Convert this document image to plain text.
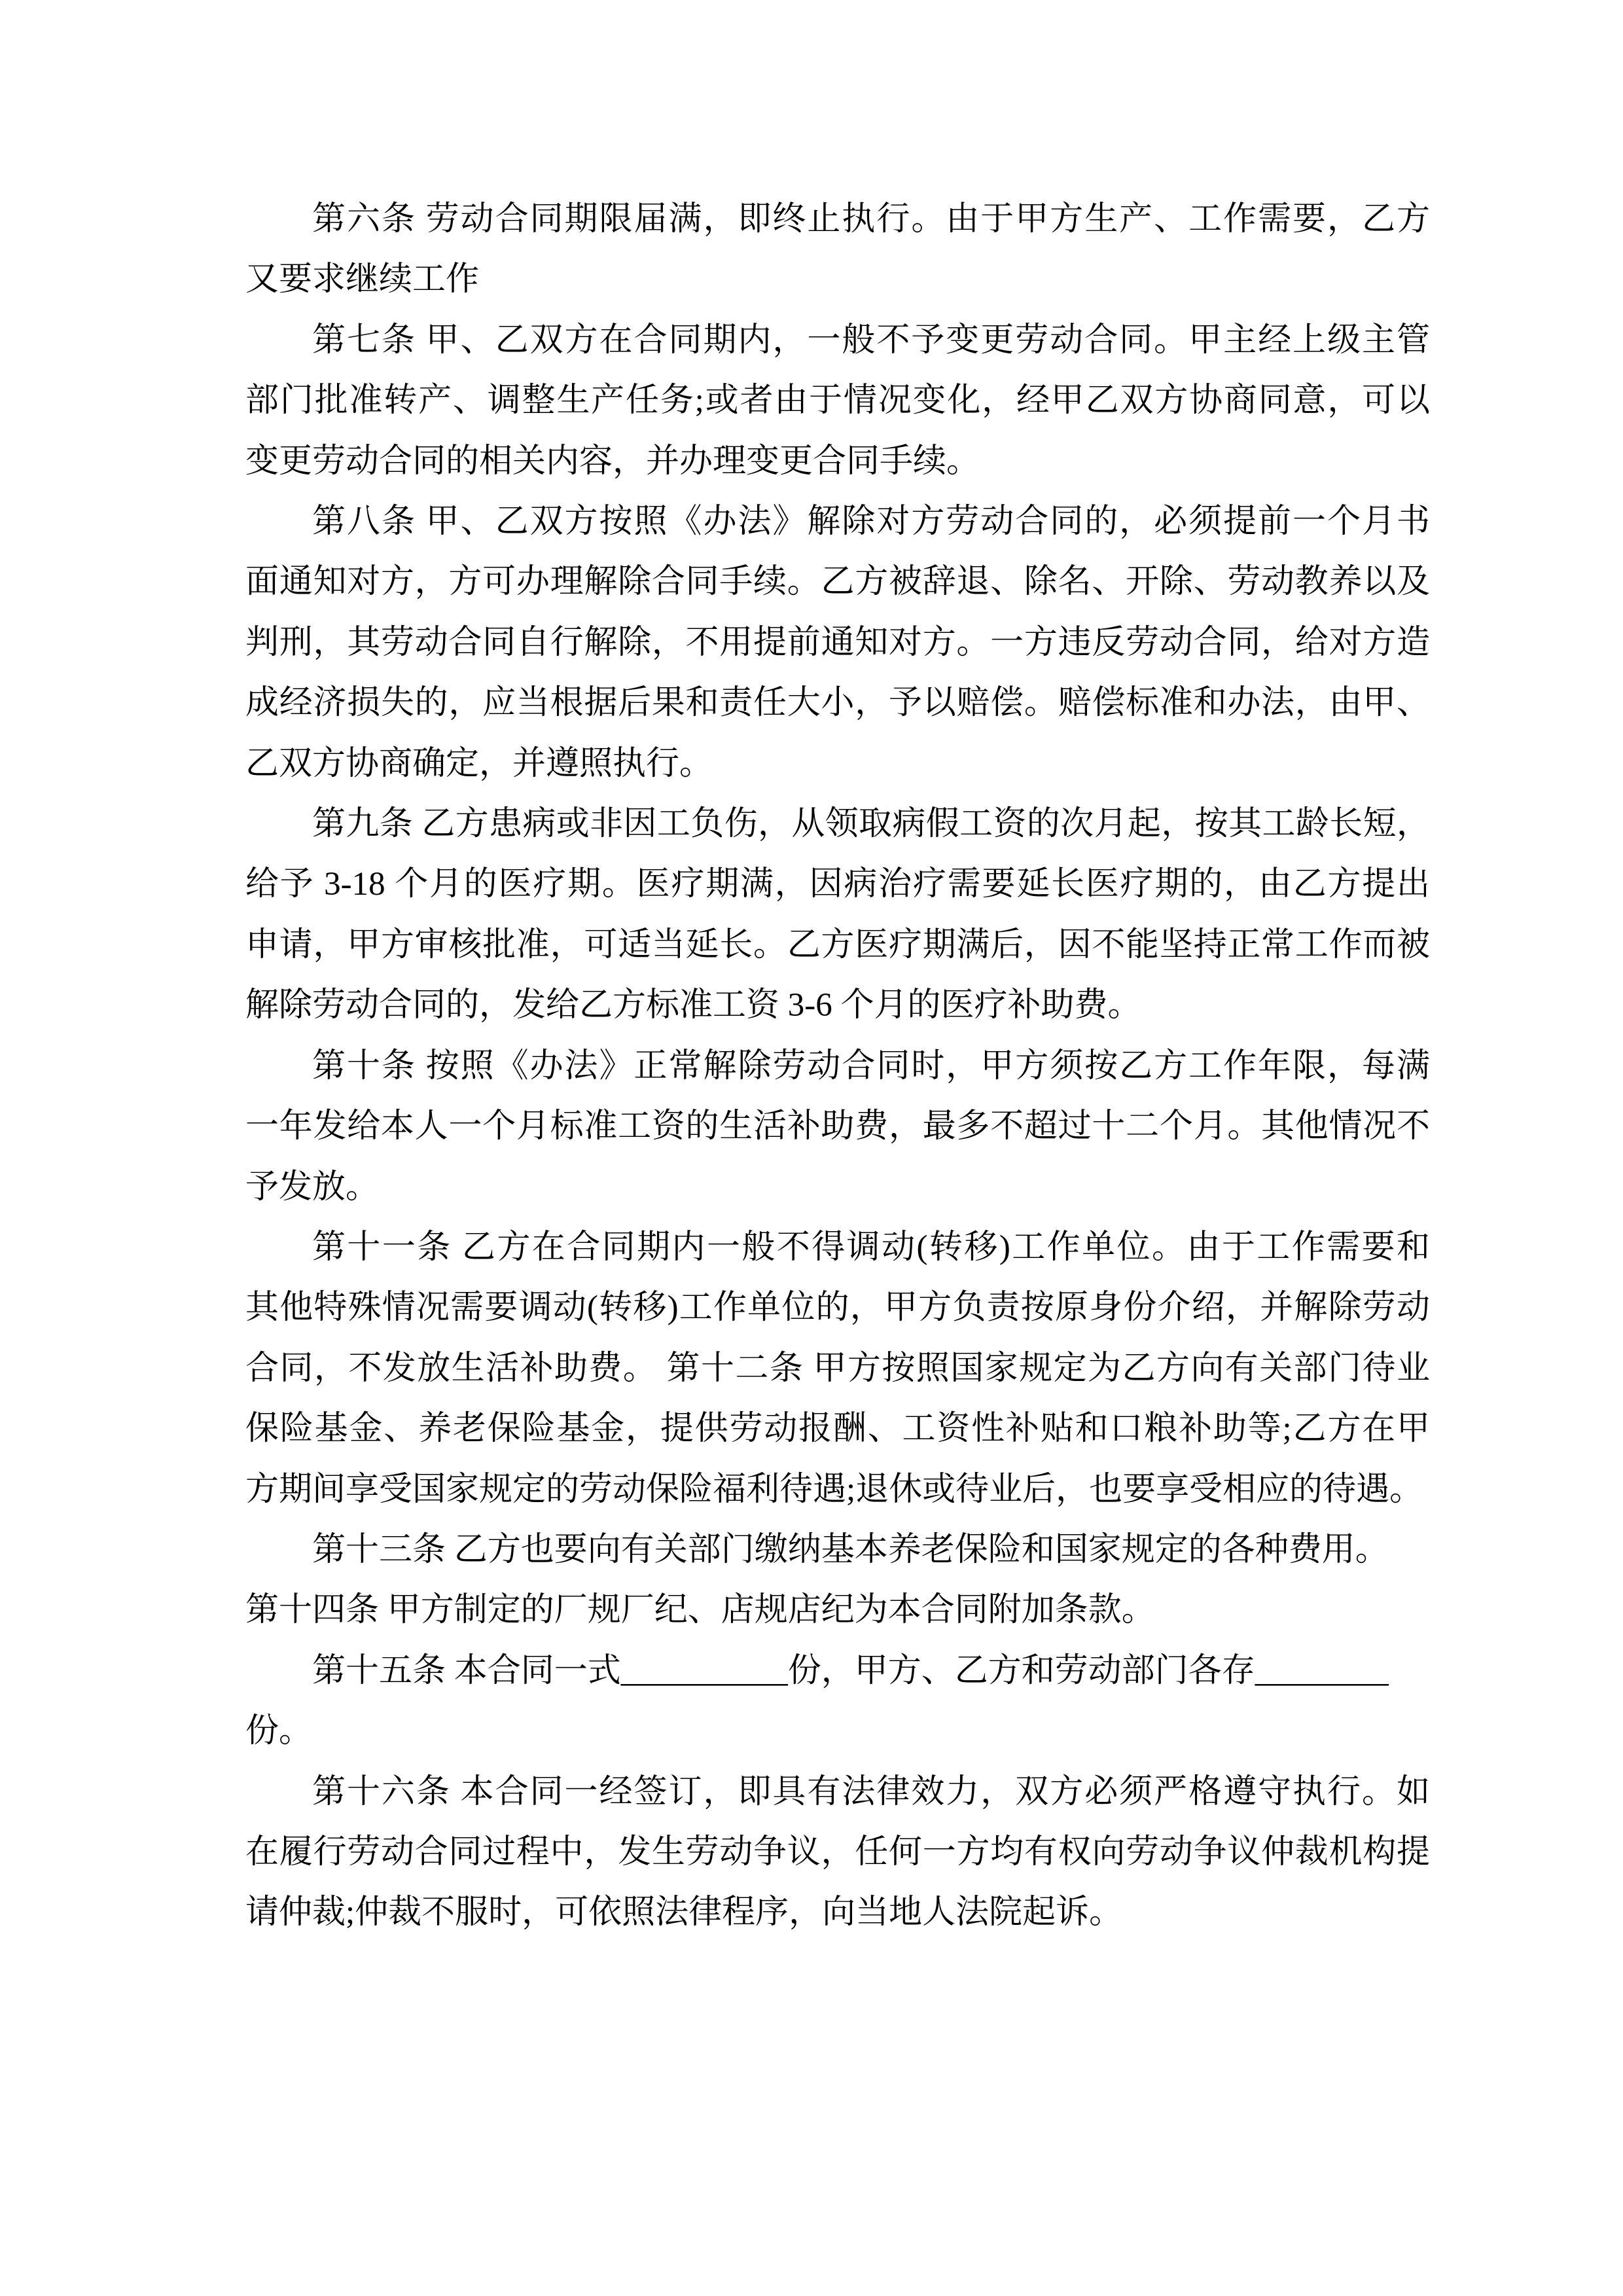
第六条 劳动合同期限届满，即终止执行。由于甲方生产、工作需要，乙方
又要求继续工作
第七条 甲、乙双方在合同期内，一般不予变更劳动合同。甲主经上级主管
部门批准转产、调整生产任务;或者由于情况变化，经甲乙双方协商同意，可以
变更劳动合同的相关内容，并办理变更合同手续。
第八条 甲、乙双方按照《办法》解除对方劳动合同的，必须提前一个月书
面通知对方，方可办理解除合同手续。乙方被辞退、除名、开除、劳动教养以及
判刑，其劳动合同自行解除，不用提前通知对方。一方违反劳动合同，给对方造
成经济损失的，应当根据后果和责任大小，予以赔偿。赔偿标准和办法，由甲、
乙双方协商确定，并遵照执行。
第九条 乙方患病或非因工负伤，从领取病假工资的次月起，按其工龄长短，
给予 3-18 个月的医疗期。医疗期满，因病治疗需要延长医疗期的，由乙方提出
申请，甲方审核批准，可适当延长。乙方医疗期满后，因不能坚持正常工作而被
解除劳动合同的，发给乙方标准工资 3-6 个月的医疗补助费。
第十条 按照《办法》正常解除劳动合同时，甲方须按乙方工作年限，每满
一年发给本人一个月标准工资的生活补助费，最多不超过十二个月。其他情况不
予发放。
第十一条 乙方在合同期内一般不得调动(转移)工作单位。由于工作需要和
其他特殊情况需要调动(转移)工作单位的，甲方负责按原身份介绍，并解除劳动
合同，不发放生活补助费。 第十二条 甲方按照国家规定为乙方向有关部门待业
保险基金、养老保险基金，提供劳动报酬、工资性补贴和口粮补助等;乙方在甲
方期间享受国家规定的劳动保险福利待遇;退休或待业后，也要享受相应的待遇。
第十三条 乙方也要向有关部门缴纳基本养老保险和国家规定的各种费用。
第十四条 甲方制定的厂规厂纪、店规店纪为本合同附加条款。
第十五条 本合同一式__________份，甲方、乙方和劳动部门各存________
份。
第十六条 本合同一经签订，即具有法律效力，双方必须严格遵守执行。如
在履行劳动合同过程中，发生劳动争议，任何一方均有权向劳动争议仲裁机构提
请仲裁;仲裁不服时，可依照法律程序，向当地人法院起诉。
